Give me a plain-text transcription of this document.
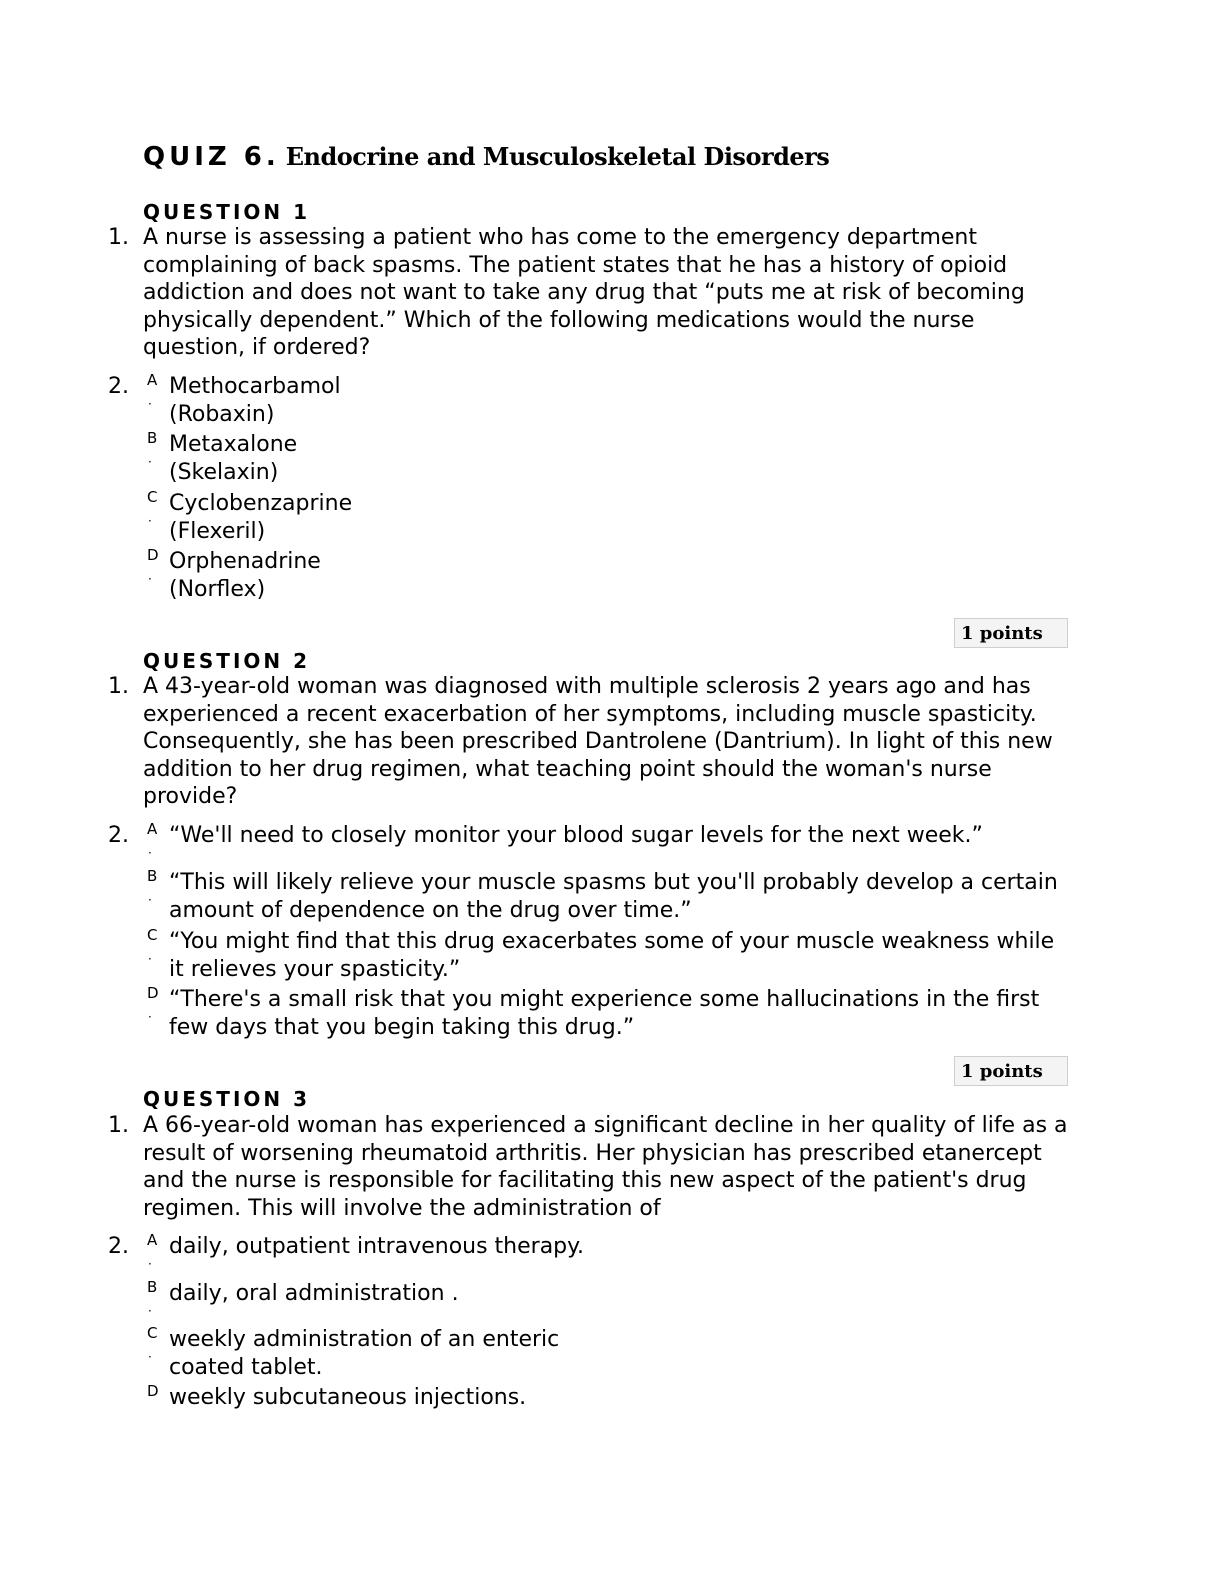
QUIZ 6. Endocrine and Musculoskeletal Disorders
QUESTION 1
1. A nurse is assessing a patient who has come to the emergency department complaining of back spasms. The patient states that he has a history of opioid addiction and does not want to take any drug that “puts me at risk of becoming physically dependent.” Which of the following medications would the nurse question, if ordered?
2. A
·
Methocarbamol
(Robaxin)
B
·
Metaxalone
(Skelaxin)
C
·
Cyclobenzaprine
(Flexeril)
D
·
Orphenadrine
(Norflex)
1 points
QUESTION 2
1. A 43-year-old woman was diagnosed with multiple sclerosis 2 years ago and has experienced a recent exacerbation of her symptoms, including muscle spasticity. Consequently, she has been prescribed Dantrolene (Dantrium). In light of this new addition to her drug regimen, what teaching point should the woman's nurse provide?
2. A
·
“We'll need to closely monitor your blood sugar levels for the next week.”
B
·
“This will likely relieve your muscle spasms but you'll probably develop a certain amount of dependence on the drug over time.”
C
·
“You might find that this drug exacerbates some of your muscle weakness while it relieves your spasticity.”
D
·
“There's a small risk that you might experience some hallucinations in the first few days that you begin taking this drug.”
1 points
QUESTION 3
1. A 66-year-old woman has experienced a significant decline in her quality of life as a result of worsening rheumatoid arthritis. Her physician has prescribed etanercept and the nurse is responsible for facilitating this new aspect of the patient's drug regimen. This will involve the administration of
2. A
·
daily, outpatient intravenous therapy.
B
·
daily, oral administration .
C
·
weekly administration of an enteric
coated tablet.
D weekly subcutaneous injections.
